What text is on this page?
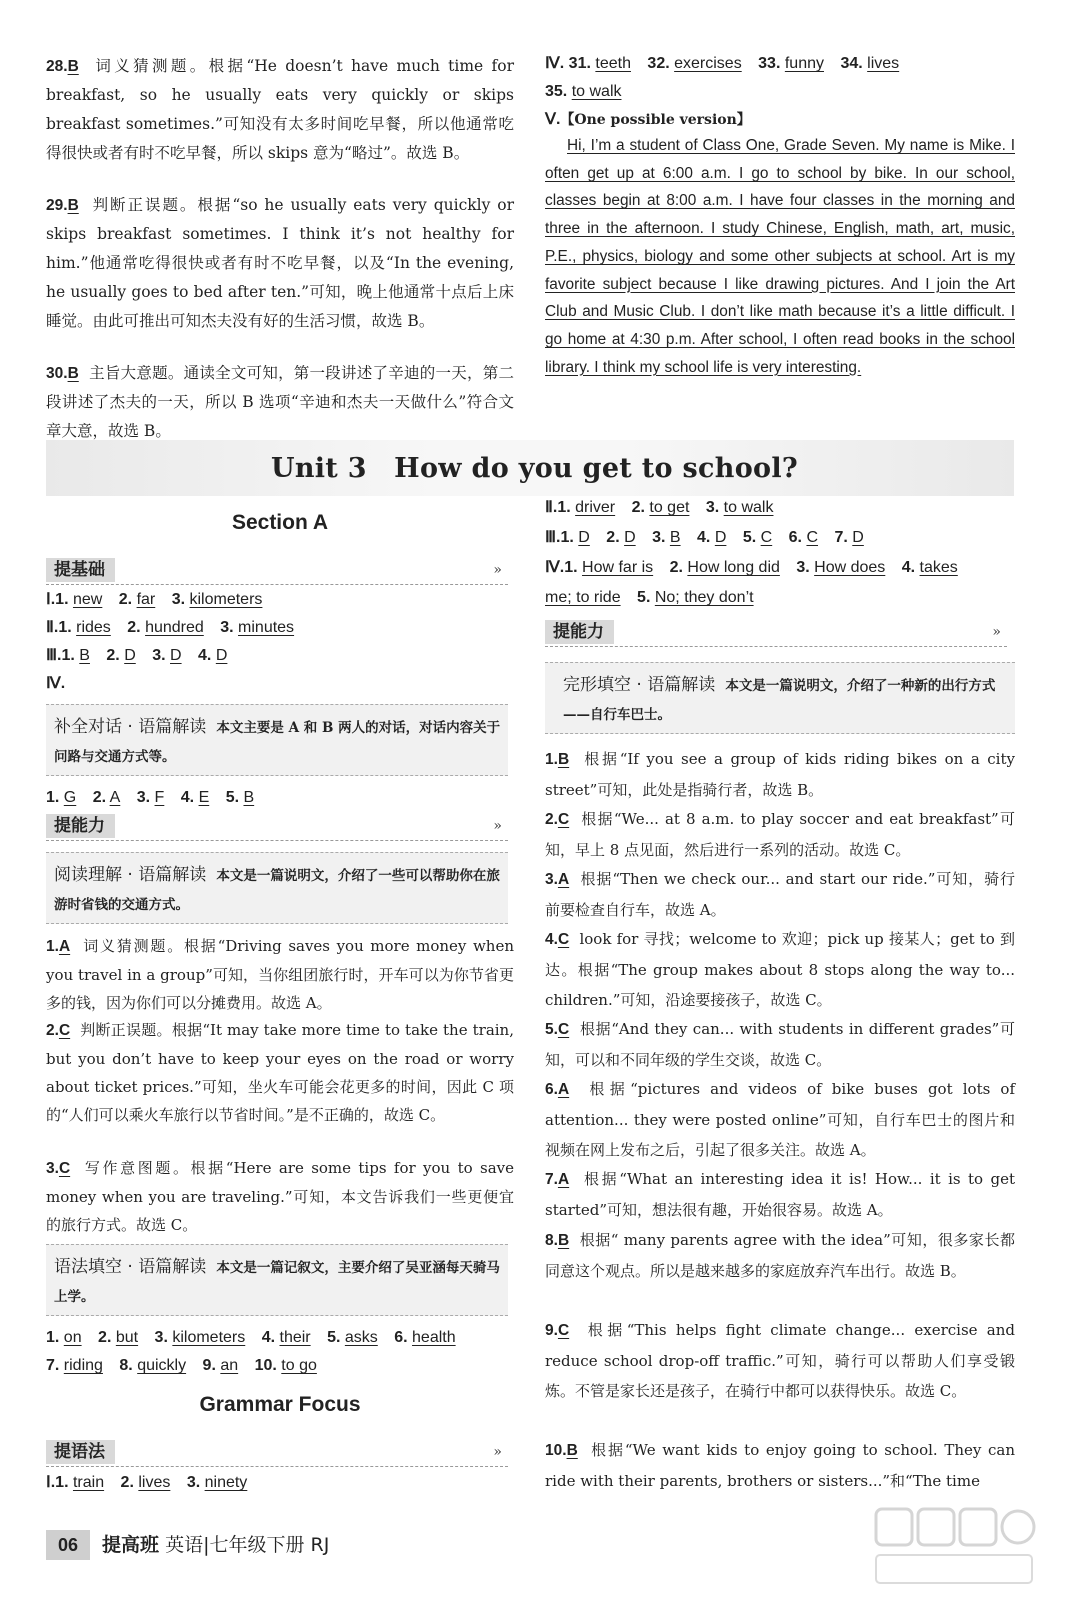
28.B 词义猜测题。根据“He doesn’t have much time for breakfast, so he usually eats very quickly or skips breakfast sometimes.”可知没有太多时间吃早餐，所以他通常吃得很快或者有时不吃早餐，所以 skips 意为“略过”。故选 B。
29.B 判断正误题。根据“so he usually eats very quickly or skips breakfast sometimes. I think it’s not healthy for him.”他通常吃得很快或者有时不吃早餐，以及“In the evening, he usually goes to bed after ten.”可知，晚上他通常十点后上床睡觉。由此可推出可知杰夫没有好的生活习惯，故选 B。
30.B 主旨大意题。通读全文可知，第一段讲述了辛迪的一天，第二段讲述了杰夫的一天，所以 B 选项“辛迪和杰夫一天做什么”符合文章大意，故选 B。
Ⅳ. 31. teeth 32. exercises 33. funny 34. lives
35. to walk
Ⅴ.【One possible version】
Hi, I’m a student of Class One, Grade Seven. My name is Mike. I often get up at 6:00 a.m. I go to school by bike. In our school, classes begin at 8:00 a.m. I have four classes in the morning and three in the afternoon. I study Chinese, English, math, art, music, P.E., physics, biology and some other subjects at school. Art is my favorite subject because I like drawing pictures. And I join the Art Club and Music Club. I don’t like math because it’s a little difficult. I go home at 4:30 p.m. After school, I often read books in the school library. I think my school life is very interesting.
Unit 3　How do you get to school?
Section A
提基础	»
Ⅰ.1. new 2. far 3. kilometers
Ⅱ.1. rides 2. hundred 3. minutes
Ⅲ.1. B 2. D 3. D 4. D
Ⅳ.
补全对话 · 语篇解读 本文主要是 A 和 B 两人的对话，对话内容关于问路与交通方式等。
1. G 2. A 3. F 4. E 5. B
提能力	»
阅读理解 · 语篇解读 本文是一篇说明文，介绍了一些可以帮助你在旅游时省钱的交通方式。
1.A 词义猜测题。根据“Driving saves you more money when you travel in a group”可知，当你组团旅行时，开车可以为你节省更多的钱，因为你们可以分摊费用。故选 A。
2.C 判断正误题。根据“It may take more time to take the train, but you don’t have to keep your eyes on the road or worry about ticket prices.”可知，坐火车可能会花更多的时间，因此 C 项的“人们可以乘火车旅行以节省时间。”是不正确的，故选 C。
3.C 写作意图题。根据“Here are some tips for you to save money when you are traveling.”可知，本文告诉我们一些更便宜的旅行方式。故选 C。
语法填空 · 语篇解读 本文是一篇记叙文，主要介绍了吴亚涵每天骑马上学。
1. on 2. but 3. kilometers 4. their 5. asks 6. health
7. riding 8. quickly 9. an 10. to go
Grammar Focus
提语法	»
Ⅰ.1. train 2. lives 3. ninety
Ⅱ.1. driver 2. to get 3. to walk
Ⅲ.1. D 2. D 3. B 4. D 5. C 6. C 7. D
Ⅳ.1. How far is 2. How long did 3. How does 4. takes
me; to ride 5. No; they don’t
提能力	»
完形填空 · 语篇解读 本文是一篇说明文，介绍了一种新的出行方式——自行车巴士。
1.B 根据“If you see a group of kids riding bikes on a city street”可知，此处是指骑行者，故选 B。
2.C 根据“We... at 8 a.m. to play soccer and eat breakfast”可知，早上 8 点见面，然后进行一系列的活动。故选 C。
3.A 根据“Then we check our... and start our ride.”可知，骑行前要检查自行车，故选 A。
4.C look for 寻找；welcome to 欢迎；pick up 接某人；get to 到达。根据“The group makes about 8 stops along the way to... children.”可知，沿途要接孩子，故选 C。
5.C 根据“And they can... with students in different grades”可知，可以和不同年级的学生交谈，故选 C。
6.A 根据“pictures and videos of bike buses got lots of attention... they were posted online”可知，自行车巴士的图片和视频在网上发布之后，引起了很多关注。故选 A。
7.A 根据“What an interesting idea it is! How... it is to get started”可知，想法很有趣，开始很容易。故选 A。
8.B 根据“ many parents agree with the idea”可知，很多家长都同意这个观点。所以是越来越多的家庭放弃汽车出行。故选 B。
9.C 根据“This helps fight climate change... exercise and reduce school drop-off traffic.”可知，骑行可以帮助人们享受锻炼。不管是家长还是孩子，在骑行中都可以获得快乐。故选 C。
10.B 根据“We want kids to enjoy going to school. They can ride with their parents, brothers or sisters...”和“The time
06	提高班 英语|七年级下册 RJ
